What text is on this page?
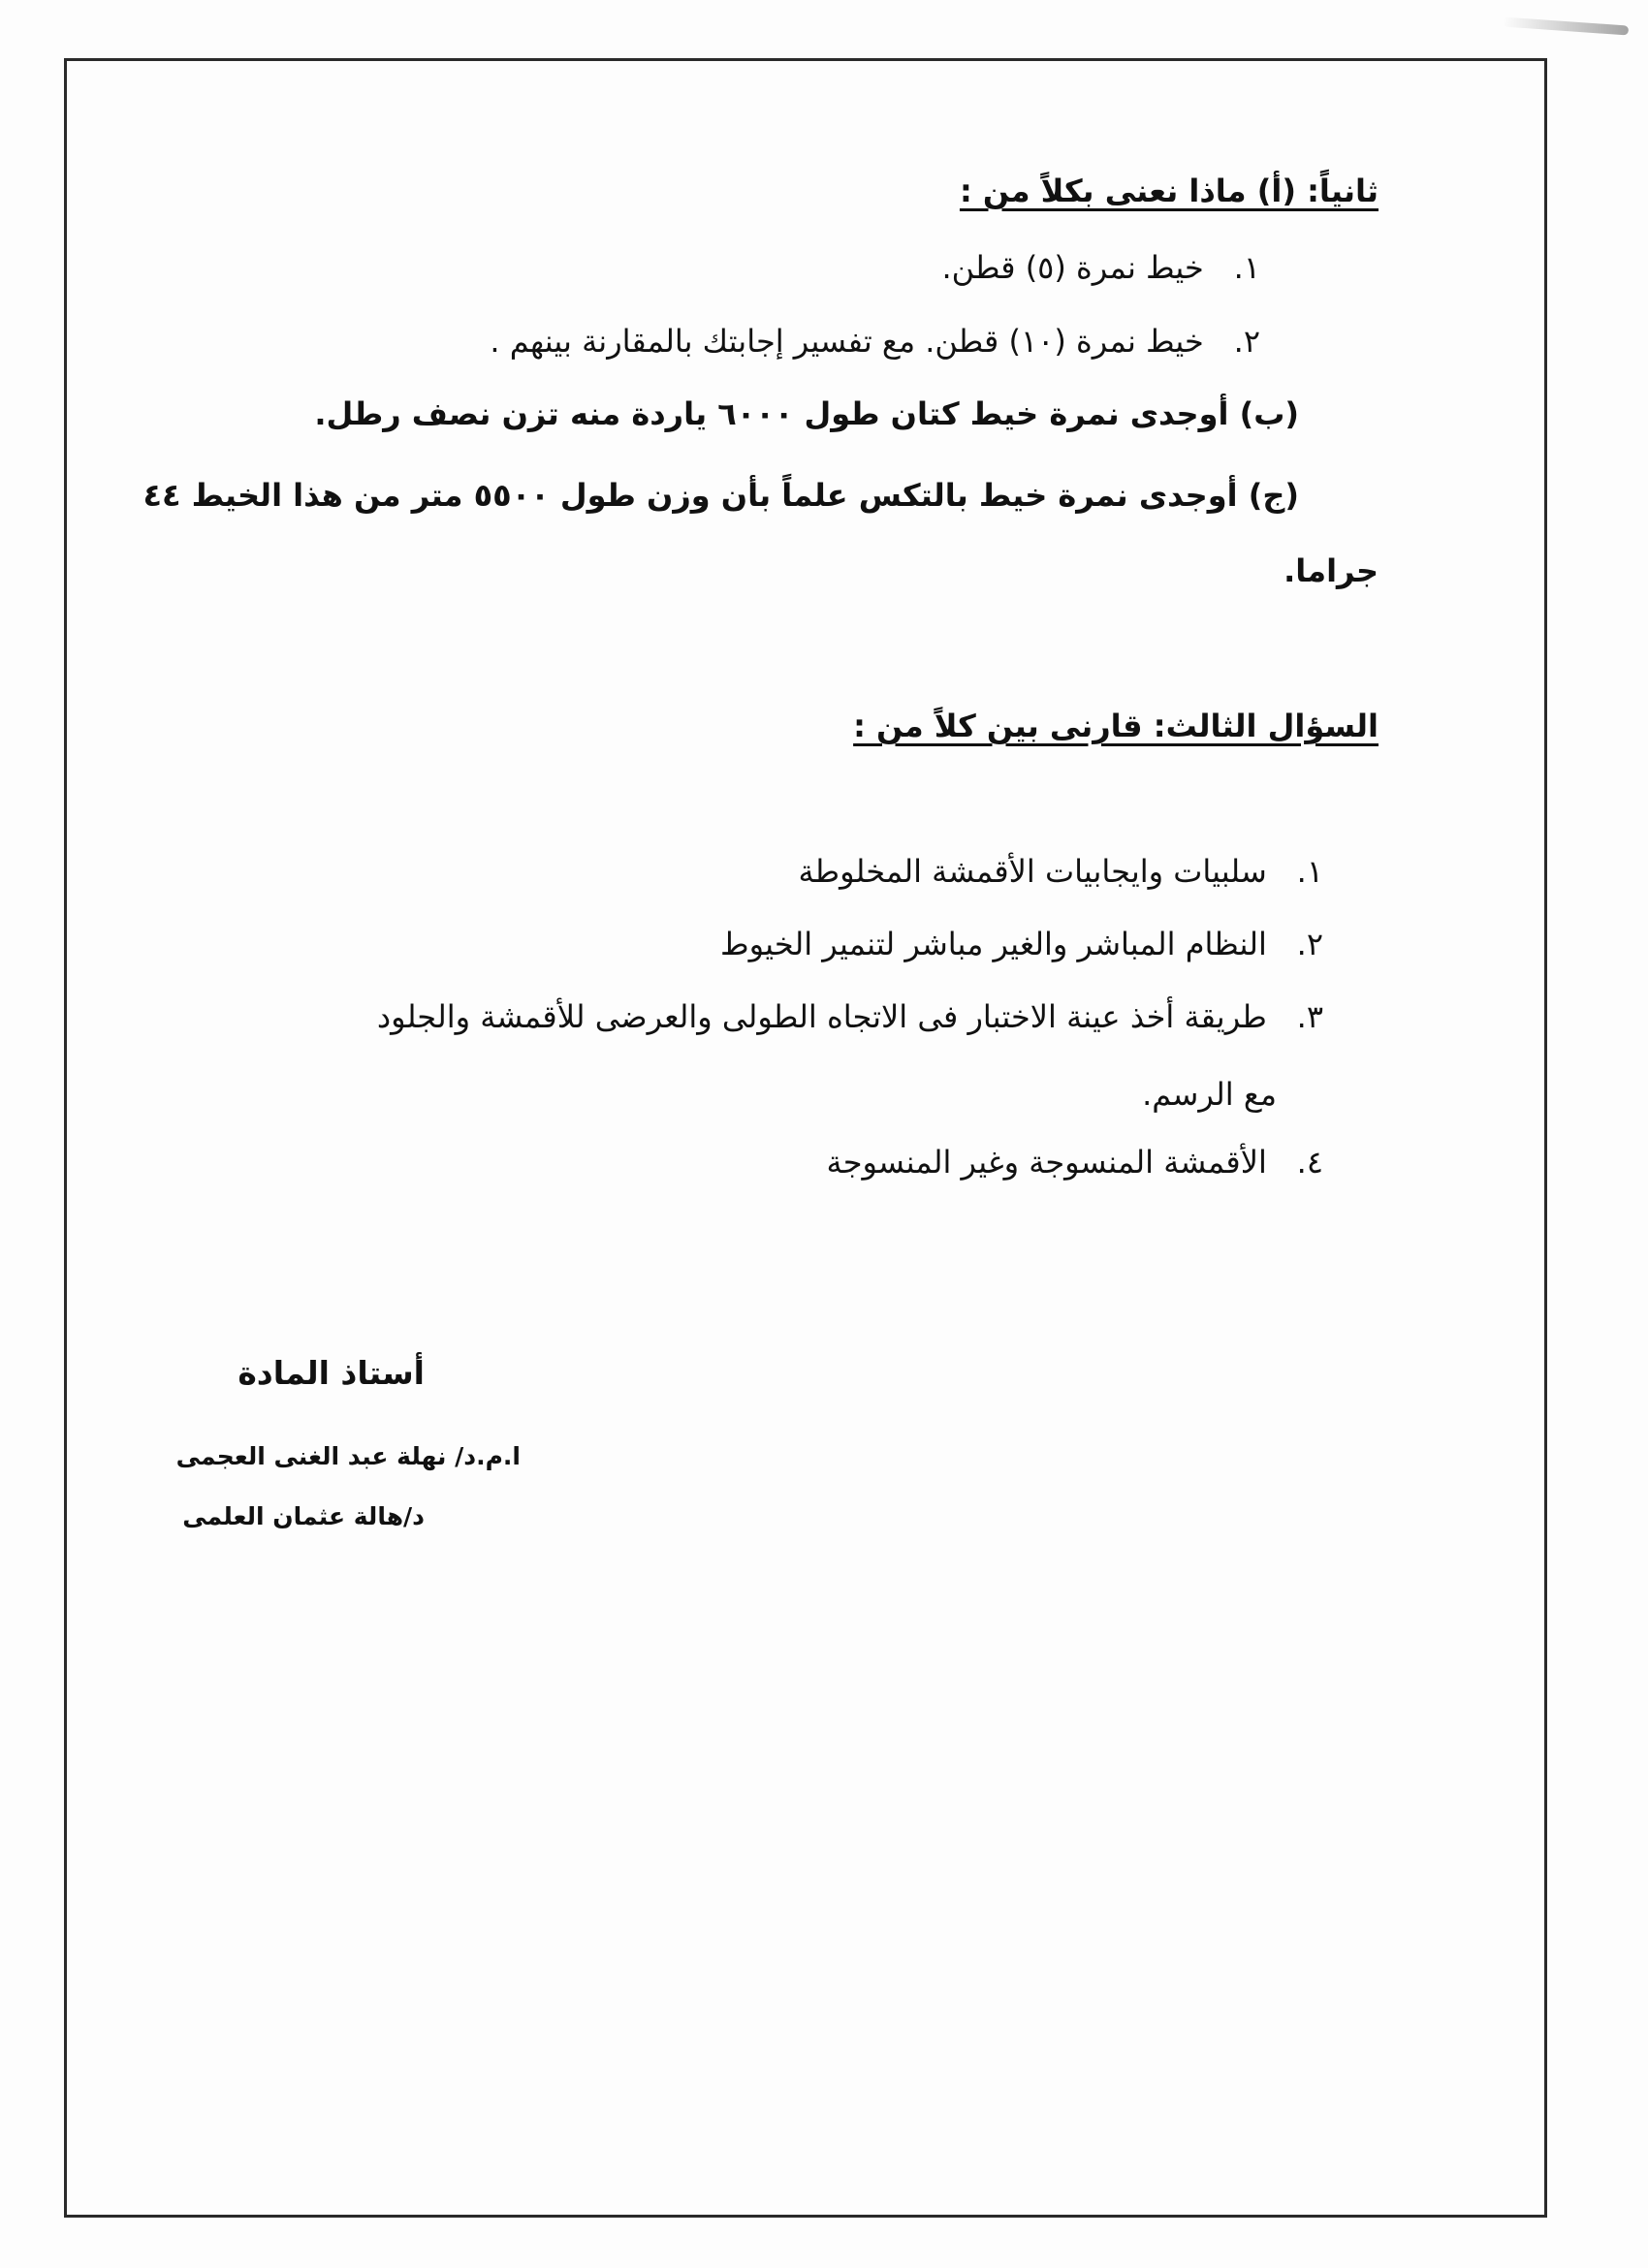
ثانياً: (أ) ماذا نعنى بكلاً من :
١. خيط نمرة (٥) قطن.
٢. خيط نمرة (١٠) قطن. مع تفسير إجابتك بالمقارنة بينهم .
(ب) أوجدى نمرة خيط كتان طول ٦٠٠٠ ياردة منه تزن نصف رطل.
(ج) أوجدى نمرة خيط بالتكس علماً بأن وزن طول ٥٥٠٠ متر من هذا الخيط ٤٤
جراما.
السؤال الثالث: قارنى بين كلاً من :
١. سلبيات وايجابيات الأقمشة المخلوطة
٢. النظام المباشر والغير مباشر لتنمير الخيوط
٣. طريقة أخذ عينة الاختبار فى الاتجاه الطولى والعرضى للأقمشة والجلود
مع الرسم.
٤. الأقمشة المنسوجة وغير المنسوجة
أستاذ المادة
ا.م.د/ نهلة عبد الغنى العجمى
د/هالة عثمان العلمى
